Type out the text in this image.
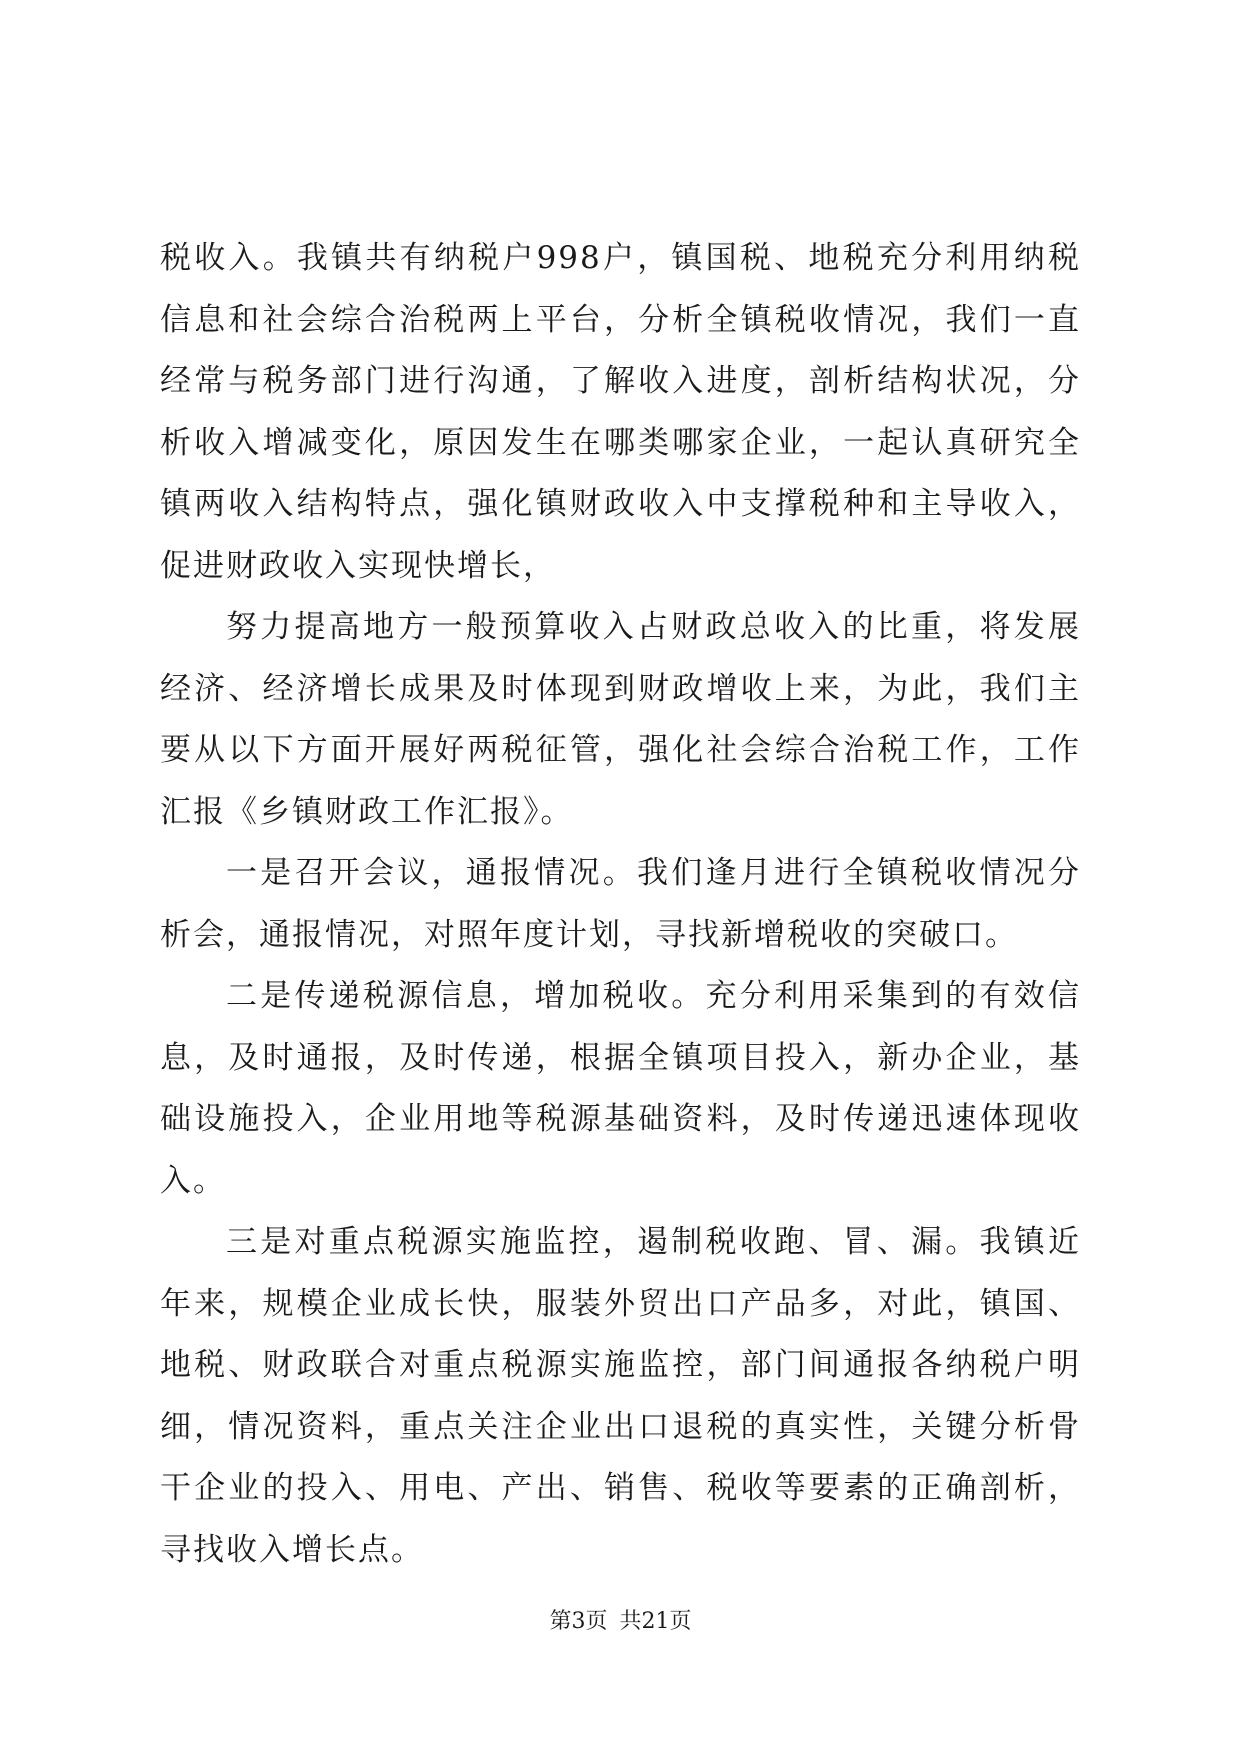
税收入。我镇共有纳税户998户，镇国税、地税充分利用纳税信息和社会综合治税两上平台，分析全镇税收情况，我们一直经常与税务部门进行沟通，了解收入进度，剖析结构状况，分析收入增减变化，原因发生在哪类哪家企业，一起认真研究全镇两收入结构特点，强化镇财政收入中支撑税种和主导收入，促进财政收入实现快增长，

努力提高地方一般预算收入占财政总收入的比重，将发展经济、经济增长成果及时体现到财政增收上来，为此，我们主要从以下方面开展好两税征管，强化社会综合治税工作，工作汇报《乡镇财政工作汇报》。

一是召开会议，通报情况。我们逢月进行全镇税收情况分析会，通报情况，对照年度计划，寻找新增税收的突破口。

二是传递税源信息，增加税收。充分利用采集到的有效信息，及时通报，及时传递，根据全镇项目投入，新办企业，基础设施投入，企业用地等税源基础资料，及时传递迅速体现收入。

三是对重点税源实施监控，遏制税收跑、冒、漏。我镇近年来，规模企业成长快，服装外贸出口产品多，对此，镇国、地税、财政联合对重点税源实施监控，部门间通报各纳税户明细，情况资料，重点关注企业出口退税的真实性，关键分析骨干企业的投入、用电、产出、销售、税收等要素的正确剖析，寻找收入增长点。

第3页 共21页
